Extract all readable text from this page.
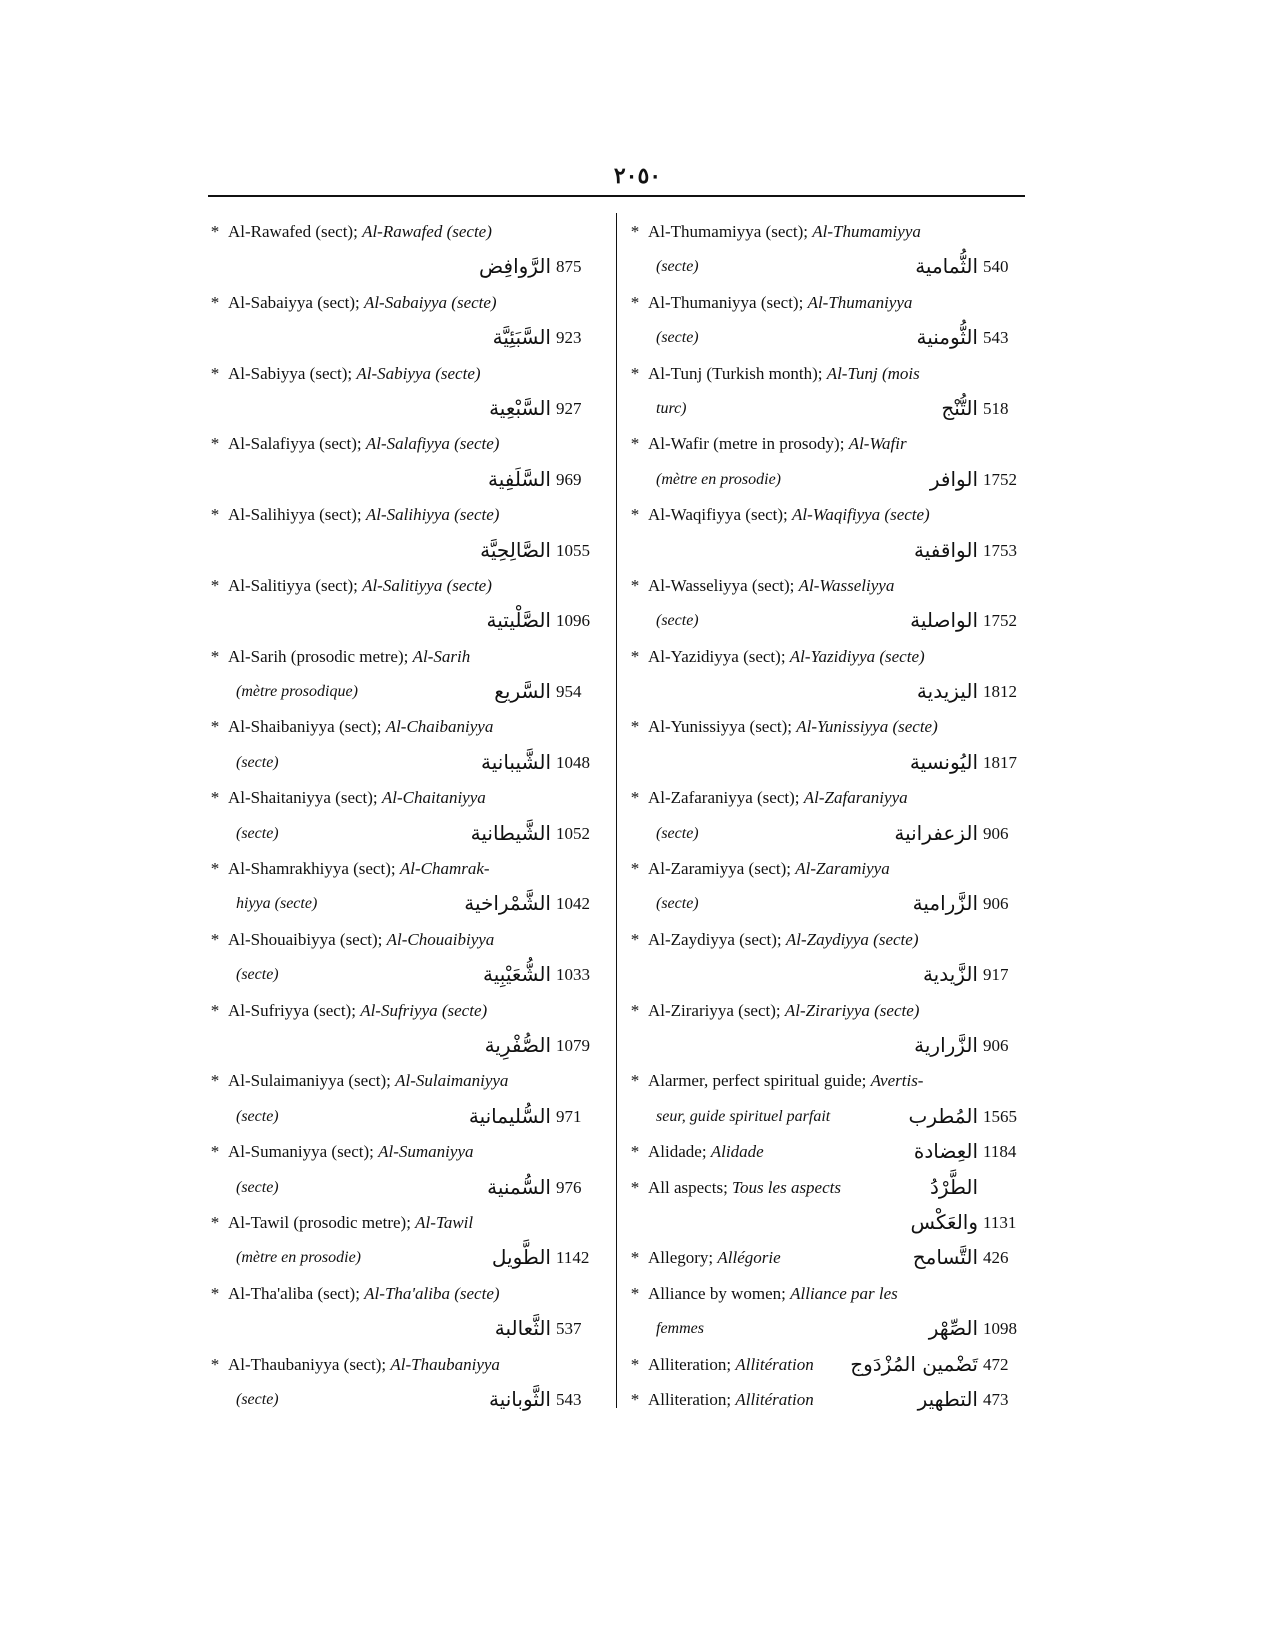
٢٠٥٠
* Al-Rawafed (sect); Al-Rawafed (secte)
الرَّوافِض 875
* Al-Sabaiyya (sect); Al-Sabaiyya (secte)
السَّبَئِيَّة 923
* Al-Sabiyya (sect); Al-Sabiyya (secte)
السَّبْعِية 927
* Al-Salafiyya (sect); Al-Salafiyya (secte)
السَّلَفِية 969
* Al-Salihiyya (sect); Al-Salihiyya (secte)
الصَّالِحِيَّة 1055
* Al-Salitiyya (sect); Al-Salitiyya (secte)
الصَّلْيتية 1096
* Al-Sarih (prosodic metre); Al-Sarih
(mètre prosodique)	السَّريع 954
* Al-Shaibaniyya (sect); Al-Chaibaniyya
(secte)	الشَّيبانية 1048
* Al-Shaitaniyya (sect); Al-Chaitaniyya
(secte)	الشَّيطانية 1052
* Al-Shamrakhiyya (sect); Al-Chamrak-
hiyya (secte)	الشَّمْراخية 1042
* Al-Shouaibiyya (sect); Al-Chouaibiyya
(secte)	الشُّعَيْبِية 1033
* Al-Sufriyya (sect); Al-Sufriyya (secte)
الصُّفْرِية 1079
* Al-Sulaimaniyya (sect); Al-Sulaimaniyya
(secte)	السُّليمانية 971
* Al-Sumaniyya (sect); Al-Sumaniyya
(secte)	السُّمنية 976
* Al-Tawil (prosodic metre); Al-Tawil
(mètre en prosodie)	الطَّويل 1142
* Al-Tha'aliba (sect); Al-Tha'aliba (secte)
الثَّعالبة 537
* Al-Thaubaniyya (sect); Al-Thaubaniyya
(secte)	الثَّوبانية 543
* Al-Thumamiyya (sect); Al-Thumamiyya
(secte)	الثُّمامية 540
* Al-Thumaniyya (sect); Al-Thumaniyya
(secte)	الثُّومنية 543
* Al-Tunj (Turkish month); Al-Tunj (mois
turc)	التُّنْج 518
* Al-Wafir (metre in prosody); Al-Wafir
(mètre en prosodie)	الوافر 1752
* Al-Waqifiyya (sect); Al-Waqifiyya (secte)
الواقفية 1753
* Al-Wasseliyya (sect); Al-Wasseliyya
(secte)	الواصلية 1752
* Al-Yazidiyya (sect); Al-Yazidiyya (secte)
اليزيدية 1812
* Al-Yunissiyya (sect); Al-Yunissiyya (secte)
اليُونسية 1817
* Al-Zafaraniyya (sect); Al-Zafaraniyya
(secte)	الزعفرانية 906
* Al-Zaramiyya (sect); Al-Zaramiyya
(secte)	الزَّرامية 906
* Al-Zaydiyya (sect); Al-Zaydiyya (secte)
الزَّيدية 917
* Al-Zirariyya (sect); Al-Zirariyya (secte)
الزَّرارية 906
* Alarmer, perfect spiritual guide; Avertis-
seur, guide spirituel parfait	المُطرب 1565
* Alidade; Alidade	العِضادة 1184
* All aspects; Tous les aspects	الطَّرْدُ
والعَكْس 1131
* Allegory; Allégorie	التَّسامح 426
* Alliance by women; Alliance par les
femmes	الصِّهْر 1098
* Alliteration; Allitération تَضْمين المُزْدَوج 472
* Alliteration; Allitération	التطهير 473
